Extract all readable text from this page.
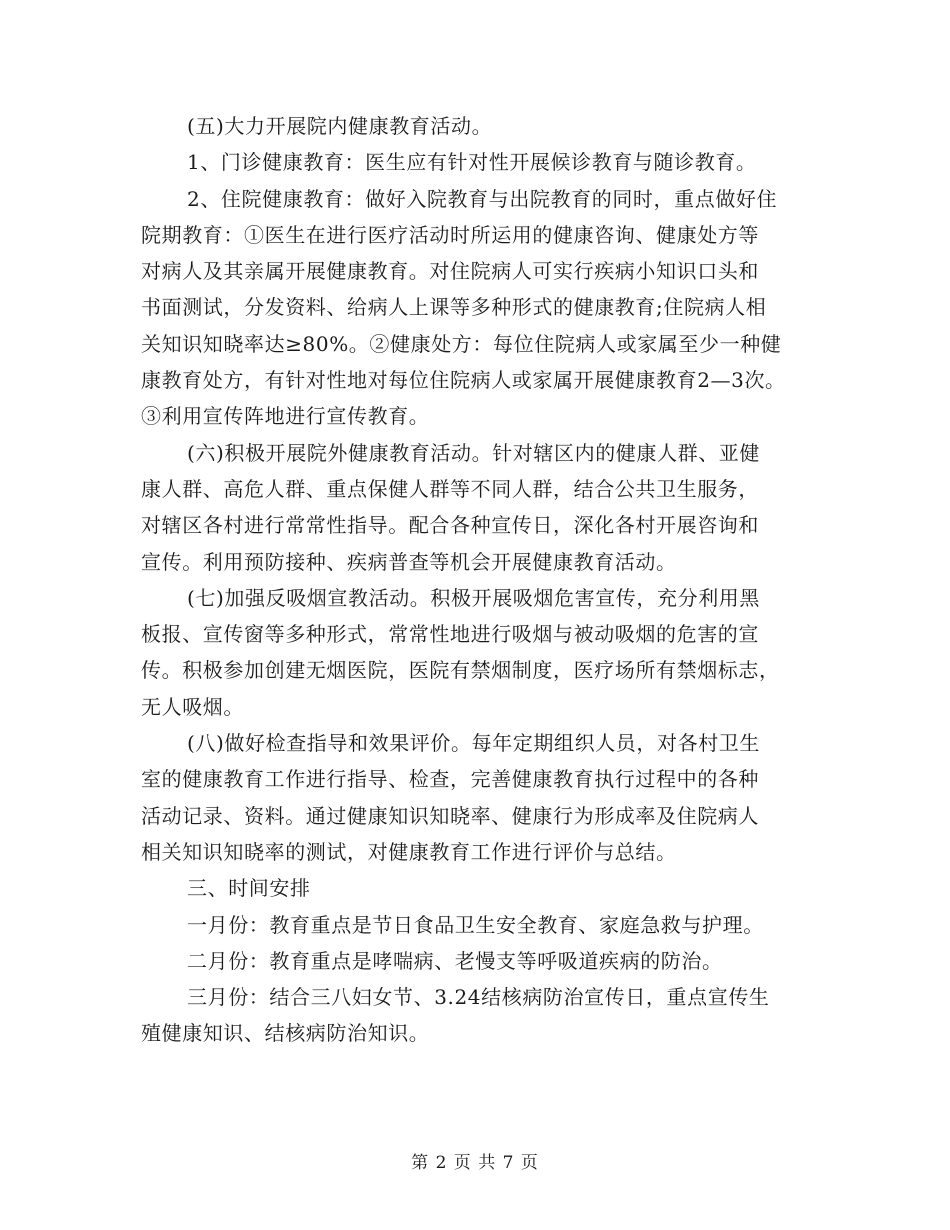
(五)大力开展院内健康教育活动。
1、门诊健康教育：医生应有针对性开展候诊教育与随诊教育。
2、住院健康教育：做好入院教育与出院教育的同时，重点做好住
院期教育：①医生在进行医疗活动时所运用的健康咨询、健康处方等
对病人及其亲属开展健康教育。对住院病人可实行疾病小知识口头和
书面测试，分发资料、给病人上课等多种形式的健康教育;住院病人相
关知识知晓率达≥80%。②健康处方：每位住院病人或家属至少一种健
康教育处方，有针对性地对每位住院病人或家属开展健康教育2—3次。
③利用宣传阵地进行宣传教育。
(六)积极开展院外健康教育活动。针对辖区内的健康人群、亚健
康人群、高危人群、重点保健人群等不同人群，结合公共卫生服务，
对辖区各村进行常常性指导。配合各种宣传日，深化各村开展咨询和
宣传。利用预防接种、疾病普查等机会开展健康教育活动。
(七)加强反吸烟宣教活动。积极开展吸烟危害宣传，充分利用黑
板报、宣传窗等多种形式，常常性地进行吸烟与被动吸烟的危害的宣
传。积极参加创建无烟医院，医院有禁烟制度，医疗场所有禁烟标志，
无人吸烟。
(八)做好检查指导和效果评价。每年定期组织人员，对各村卫生
室的健康教育工作进行指导、检查，完善健康教育执行过程中的各种
活动记录、资料。通过健康知识知晓率、健康行为形成率及住院病人
相关知识知晓率的测试，对健康教育工作进行评价与总结。
三、时间安排
一月份：教育重点是节日食品卫生安全教育、家庭急救与护理。
二月份：教育重点是哮喘病、老慢支等呼吸道疾病的防治。
三月份：结合三八妇女节、3.24结核病防治宣传日，重点宣传生
殖健康知识、结核病防治知识。

第 2 页 共 7 页
